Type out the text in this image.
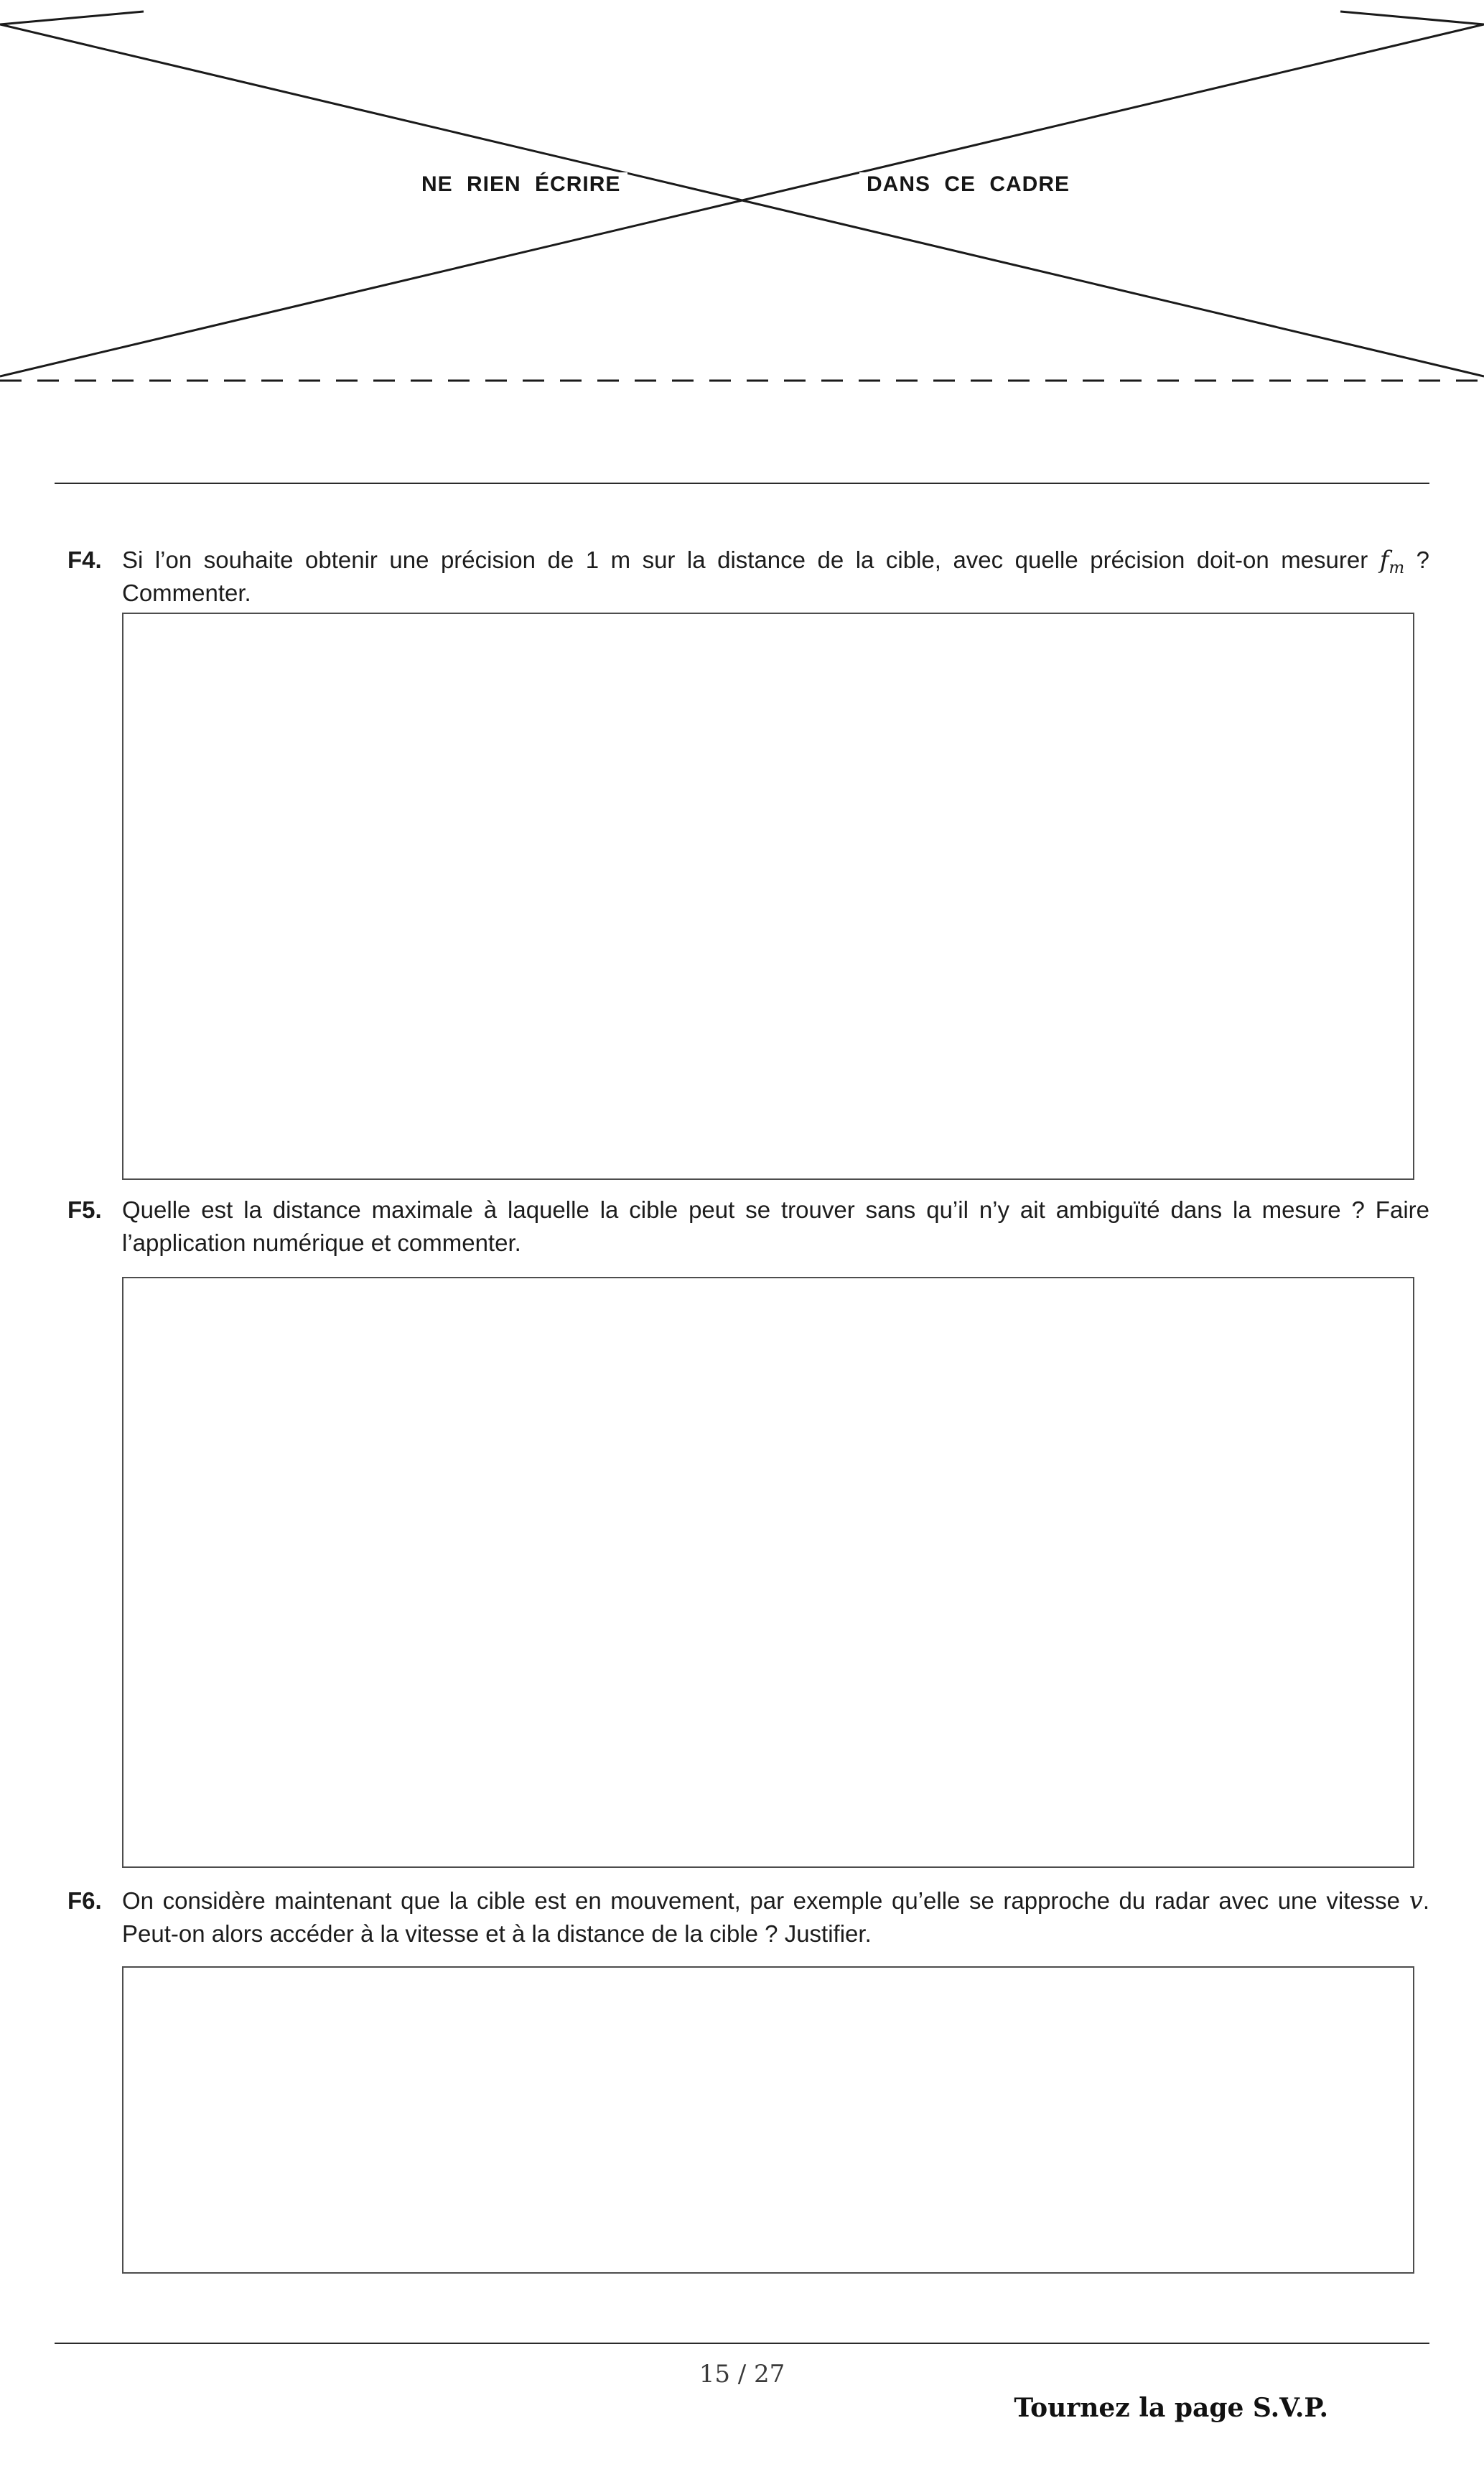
NE RIEN ÉCRIRE	DANS CE CADRE
F4. Si l’on souhaite obtenir une précision de 1 m sur la distance de la cible, avec quelle précision doit-on mesurer $f_m$ ? Commenter.

F5. Quelle est la distance maximale à laquelle la cible peut se trouver sans qu’il n’y ait ambiguïté dans la mesure ? Faire l’application numérique et commenter.

F6. On considère maintenant que la cible est en mouvement, par exemple qu’elle se rapproche du radar avec une vitesse v. Peut-on alors accéder à la vitesse et à la distance de la cible ? Justifier.

15 / 27
Tournez la page S.V.P.
